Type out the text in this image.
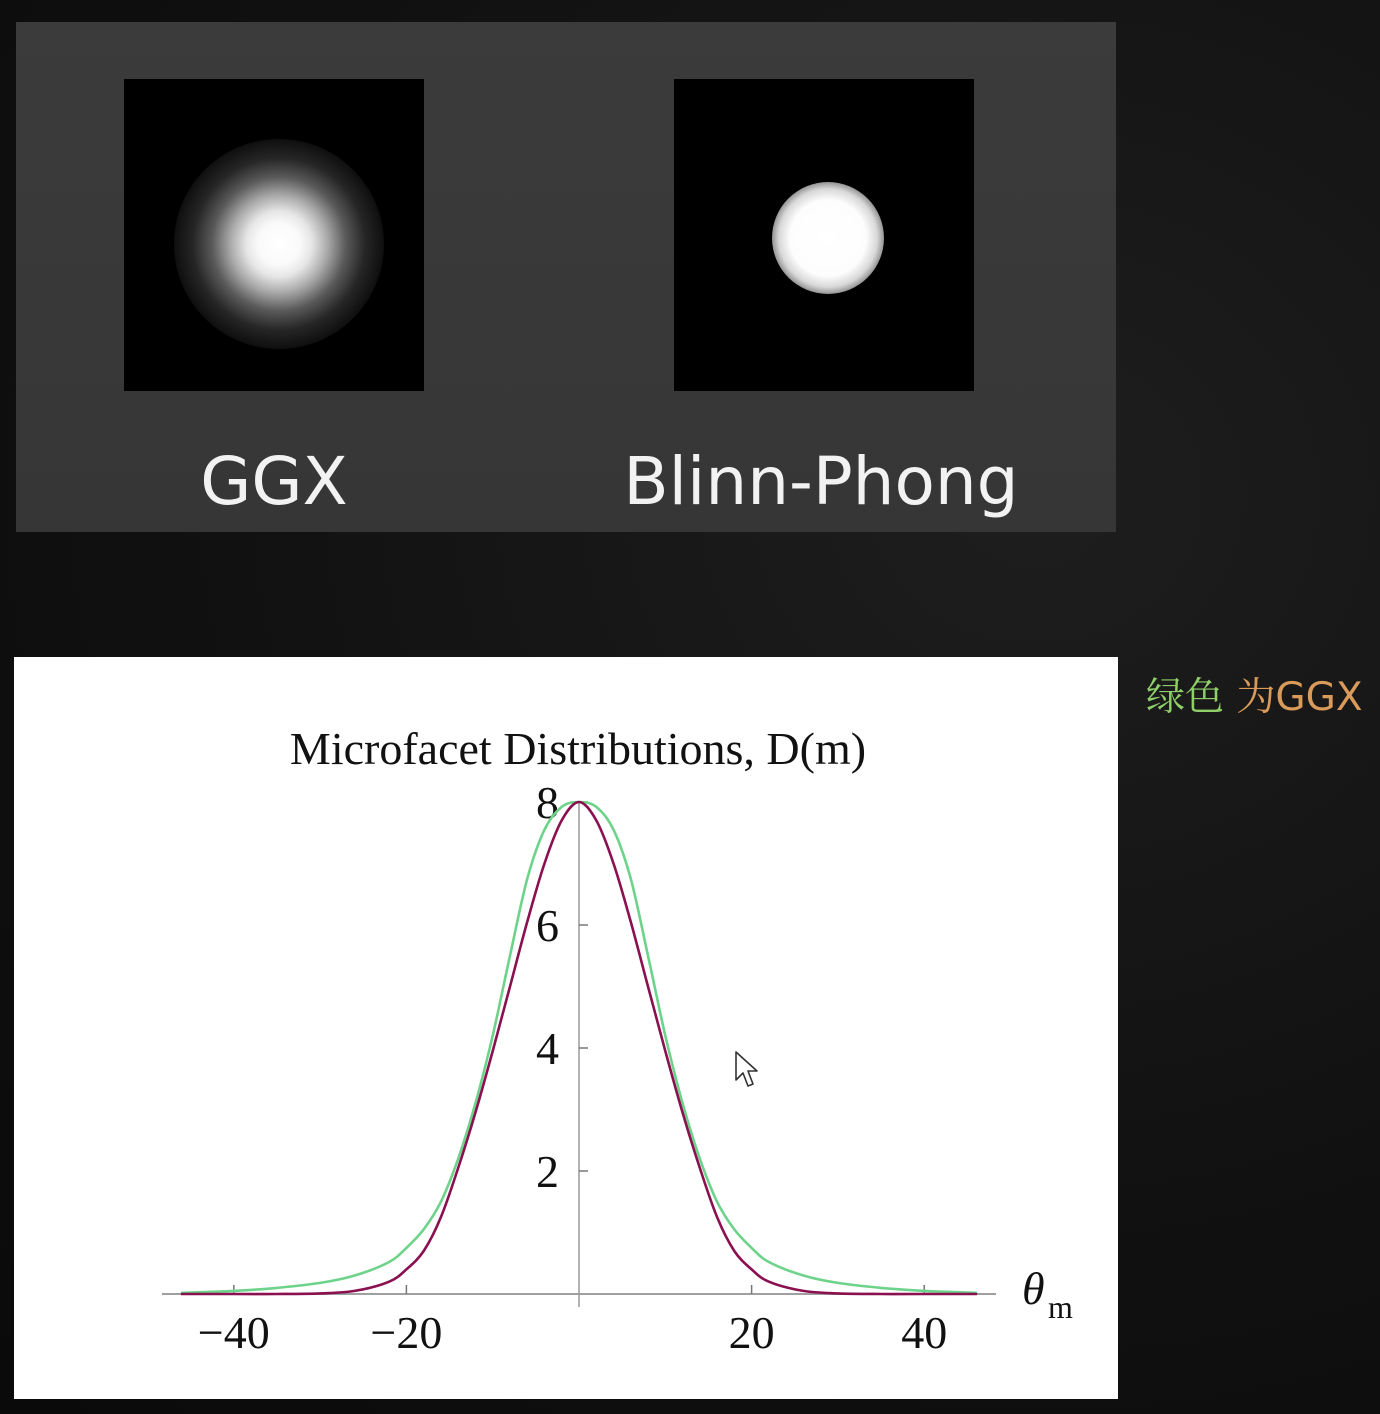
GGX	Blinn-Phong
Microfacet Distributions, D(m)
−40 −20	20	40
2
4
6
8
θ m
绿色 为GGX
